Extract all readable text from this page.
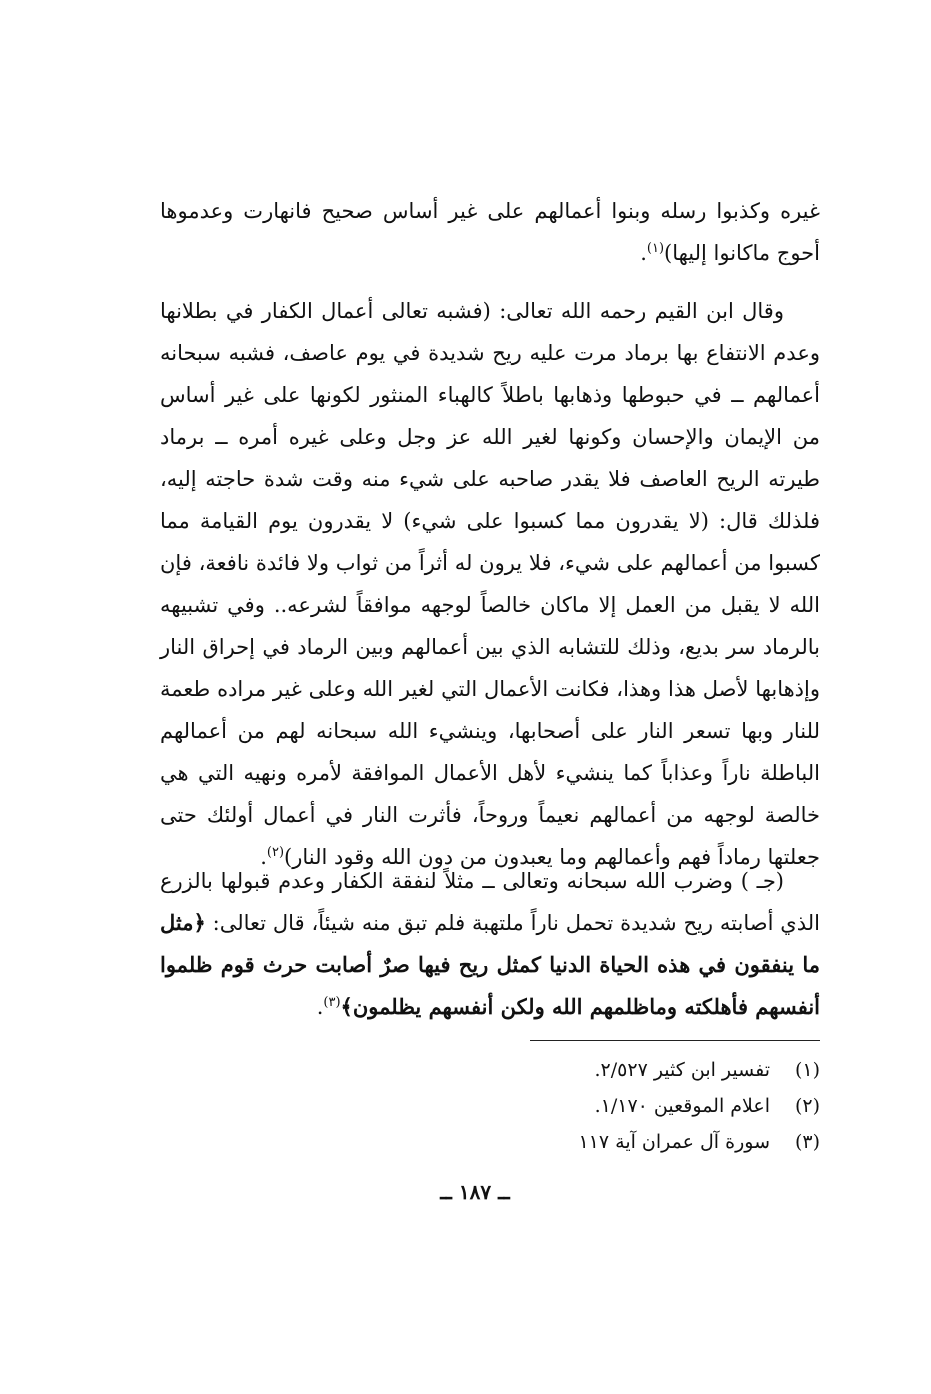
غيره وكذبوا رسله وبنوا أعمالهم على غير أساس صحيح فانهارت وعدموها أحوج ماكانوا إليها)$^{(١)}$.

وقال ابن القيم رحمه الله تعالى: (فشبه تعالى أعمال الكفار في بطلانها وعدم الانتفاع بها برماد مرت عليه ريح شديدة في يوم عاصف، فشبه سبحانه أعمالهم ــ في حبوطها وذهابها باطلاً كالهباء المنثور لكونها على غير أساس من الإيمان والإحسان وكونها لغير الله عز وجل وعلى غيره أمره ــ برماد طيرته الريح العاصف فلا يقدر صاحبه على شيء منه وقت شدة حاجته إليه، فلذلك قال: (لا يقدرون مما كسبوا على شيء) لا يقدرون يوم القيامة مما كسبوا من أعمالهم على شيء، فلا يرون له أثراً من ثواب ولا فائدة نافعة، فإن الله لا يقبل من العمل إلا ماكان خالصاً لوجهه موافقاً لشرعه.. وفي تشبيهه بالرماد سر بديع، وذلك للتشابه الذي بين أعمالهم وبين الرماد في إحراق النار وإذهابها لأصل هذا وهذا، فكانت الأعمال التي لغير الله وعلى غير مراده طعمة للنار وبها تسعر النار على أصحابها، وينشيء الله سبحانه لهم من أعمالهم الباطلة ناراً وعذاباً كما ينشيء لأهل الأعمال الموافقة لأمره ونهيه التي هي خالصة لوجهه من أعمالهم نعيماً وروحاً، فأثرت النار في أعمال أولئك حتى جعلتها رماداً فهم وأعمالهم وما يعبدون من دون الله وقود النار)$^{(٢)}$.

(جـ ) وضرب الله سبحانه وتعالى ــ مثلاً لنفقة الكفار وعدم قبولها بالزرع الذي أصابته ريح شديدة تحمل ناراً ملتهبة فلم تبق منه شيئاً، قال تعالى: ﴿مثل ما ينفقون في هذه الحياة الدنيا كمثل ريح فيها صرٌ أصابت حرث قوم ظلموا أنفسهم فأهلكته وماظلمهم الله ولكن أنفسهم يظلمون﴾$^{(٣)}$.

(١)
تفسير ابن كثير ٢/٥٢٧.
(٢)
اعلام الموقعين ١/١٧٠.
(٣)
سورة آل عمران آية ١١٧
ــ ١٨٧ ــ
